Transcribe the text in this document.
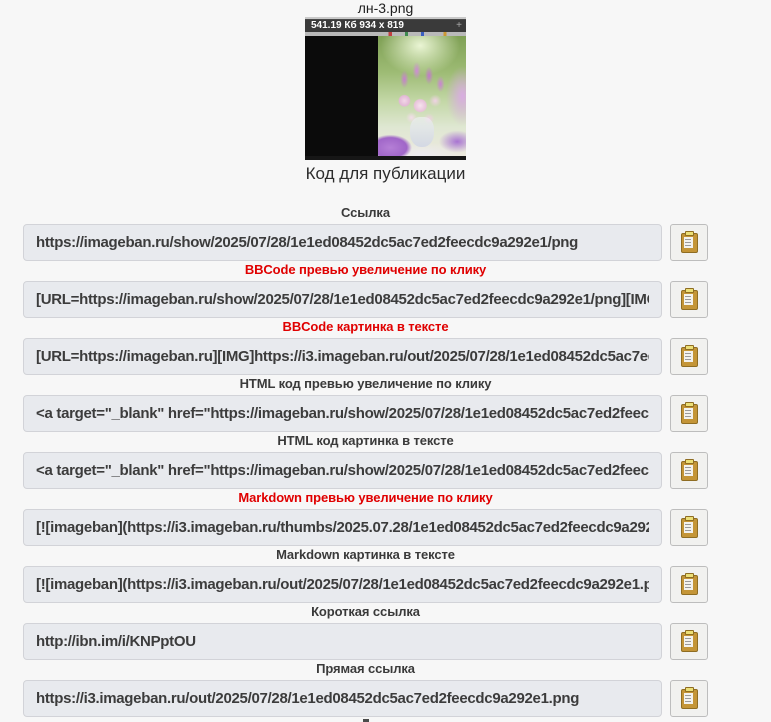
лн-3.png
541.19 Кб 934 x 819	+
Код для публикации
Ссылка
https://imageban.ru/show/2025/07/28/1e1ed08452dc5ac7ed2feecdc9a292e1/png
BBCode превью увеличение по клику
[URL=https://imageban.ru/show/2025/07/28/1e1ed08452dc5ac7ed2feecdc9a292e1/png][IMG]https://i3.imageban.ru/thumbs/2025.07.28/1e1ed08452dc5ac7ed2feecdc9a292e1.png[/IMG][/URL]
BBCode картинка в тексте
[URL=https://imageban.ru][IMG]https://i3.imageban.ru/out/2025/07/28/1e1ed08452dc5ac7ed2feecdc9a292e1.png[/IMG][/URL]
HTML код превью увеличение по клику
<a target="_blank" href="https://imageban.ru/show/2025/07/28/1e1ed08452dc5ac7ed2feecdc9a292e1/png"><img src="https://i3.imageban.ru/thumbs/2025.07.28/1e1ed08452dc5ac7ed2feecdc9a292e1.png"></a>
HTML код картинка в тексте
<a target="_blank" href="https://imageban.ru/show/2025/07/28/1e1ed08452dc5ac7ed2feecdc9a292e1/png"><img src="https://i3.imageban.ru/out/2025/07/28/1e1ed08452dc5ac7ed2feecdc9a292e1.png"></a>
Markdown превью увеличение по клику
[![imageban](https://i3.imageban.ru/thumbs/2025.07.28/1e1ed08452dc5ac7ed2feecdc9a292e1.png)](https://imageban.ru/show/2025/07/28/1e1ed08452dc5ac7ed2feecdc9a292e1/png)
Markdown картинка в тексте
[![imageban](https://i3.imageban.ru/out/2025/07/28/1e1ed08452dc5ac7ed2feecdc9a292e1.png)](https://imageban.ru)
Короткая ссылка
http://ibn.im/i/KNPptOU
Прямая ссылка
https://i3.imageban.ru/out/2025/07/28/1e1ed08452dc5ac7ed2feecdc9a292e1.png
